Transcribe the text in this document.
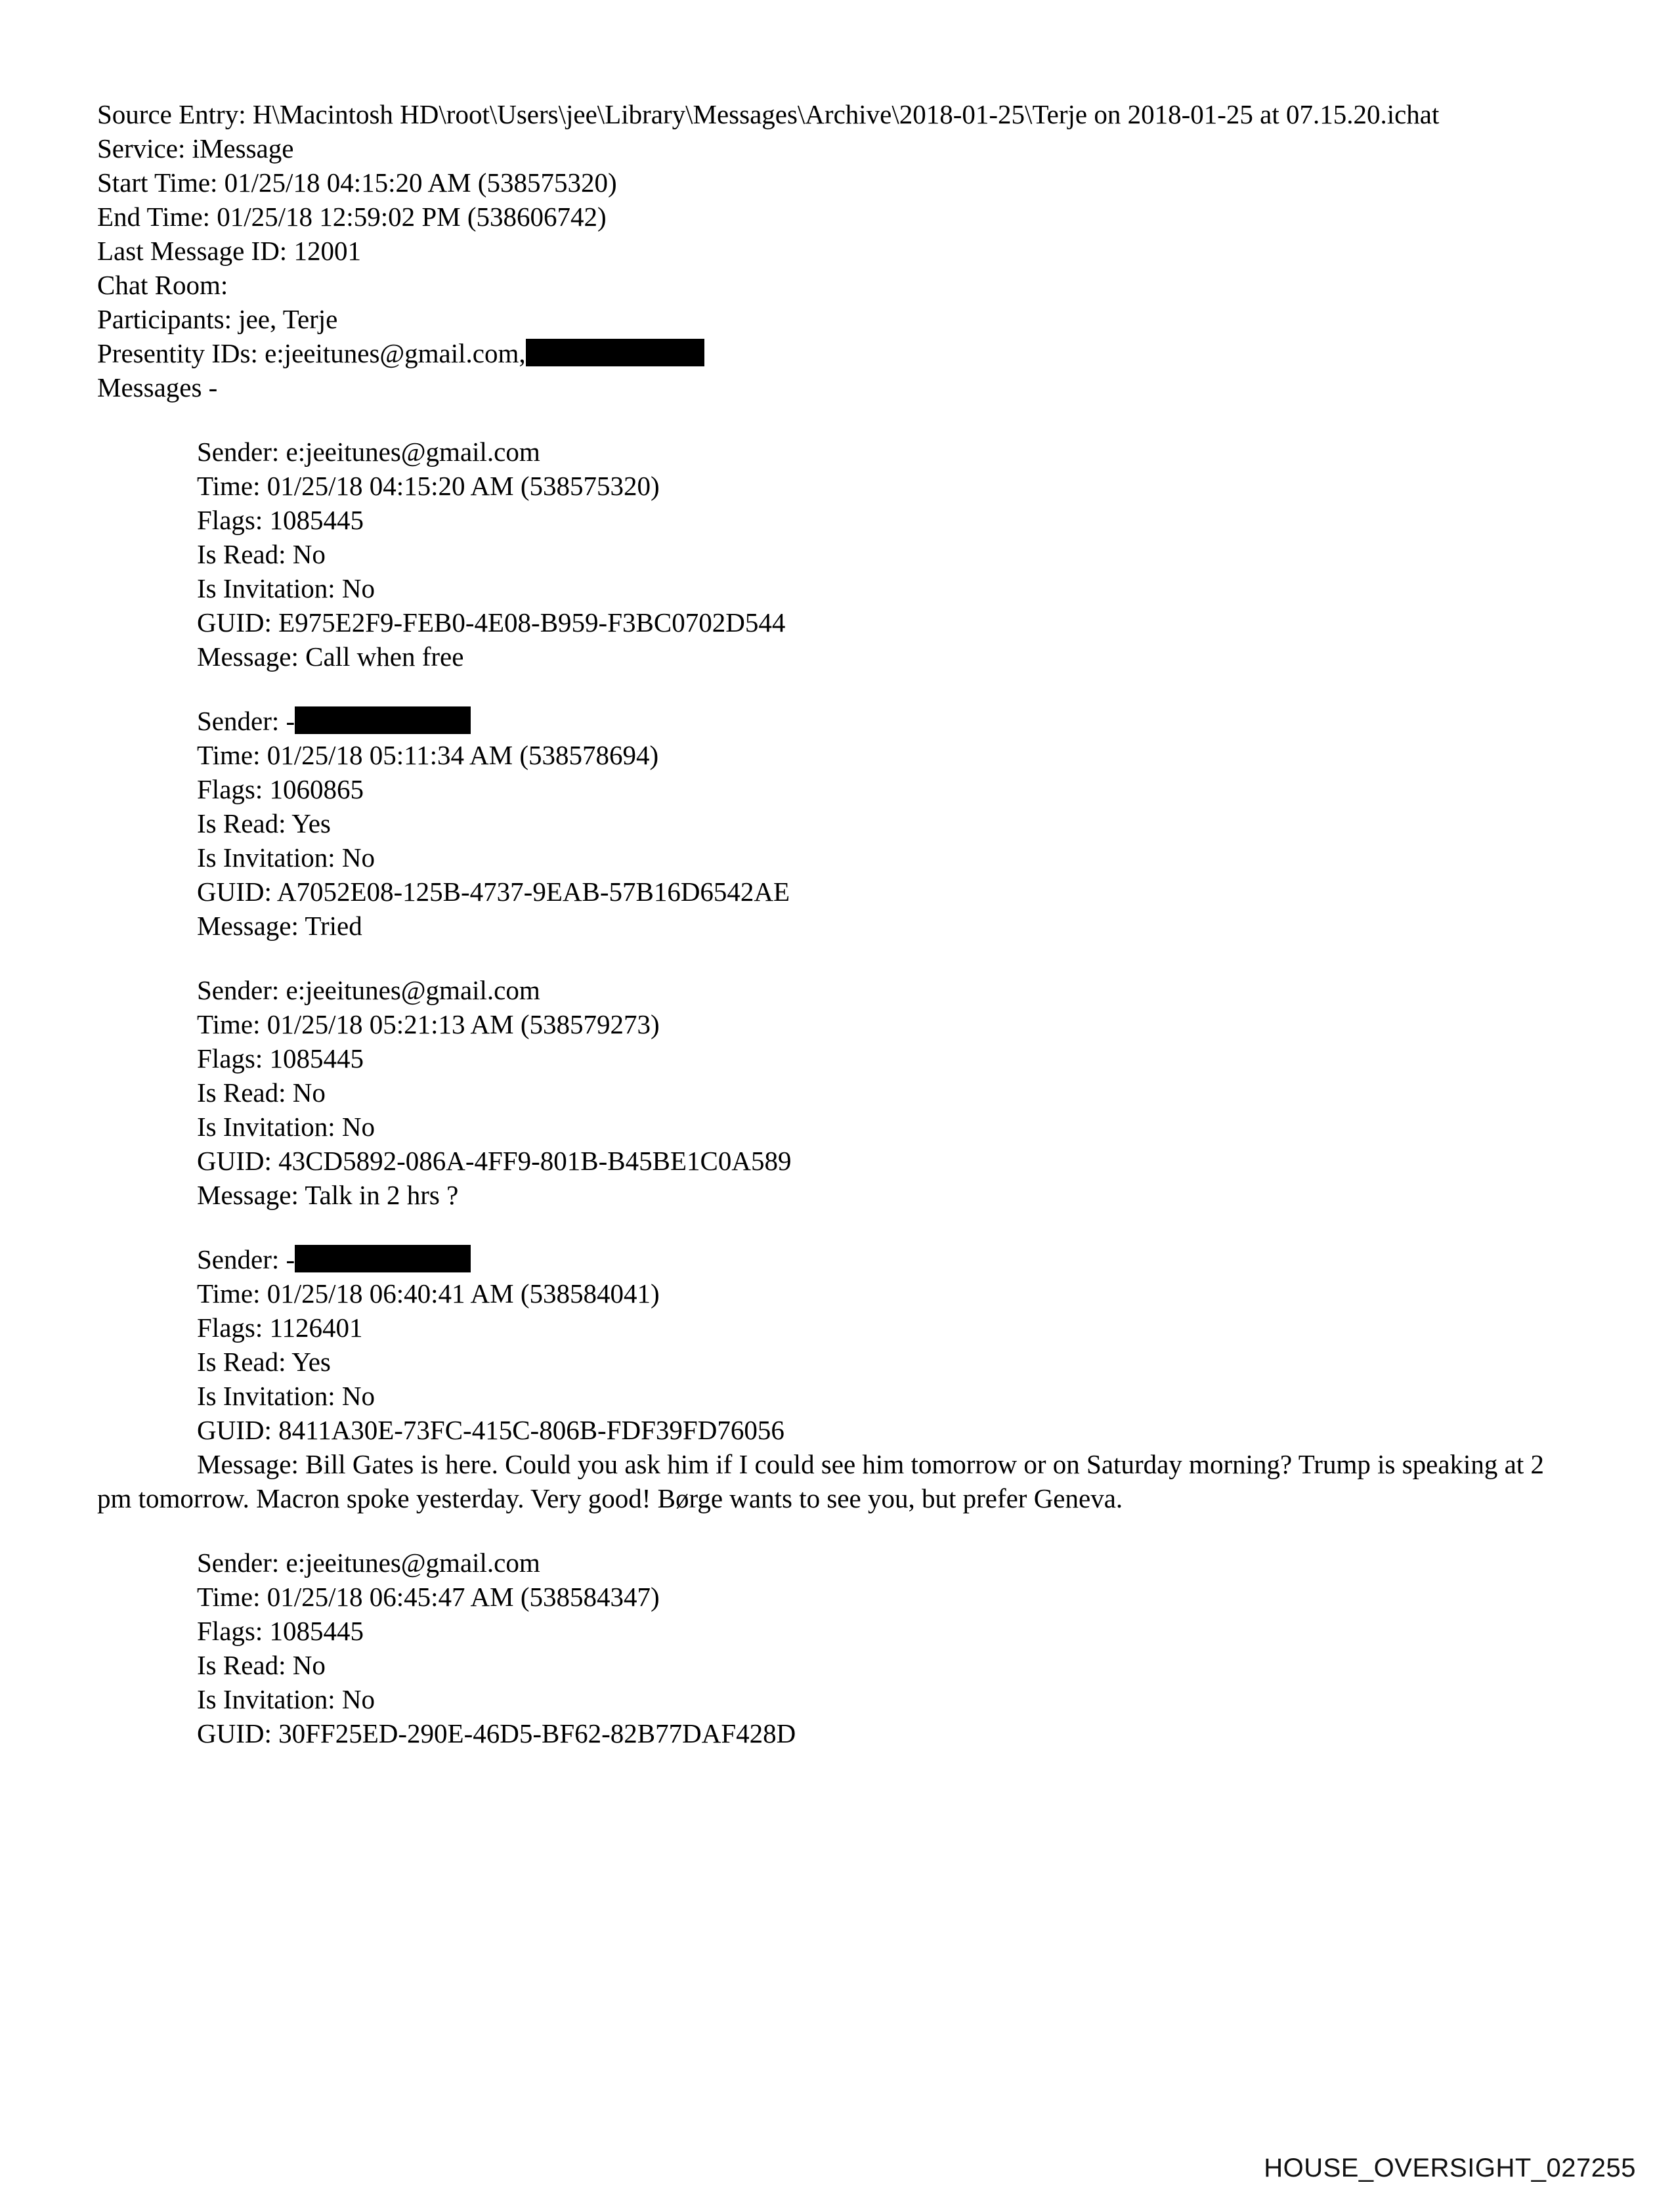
Source Entry: H\Macintosh HD\root\Users\jee\Library\Messages\Archive\2018-01-25\Terje on 2018-01-25 at 07.15.20.ichat
Service: iMessage
Start Time: 01/25/18 04:15:20 AM (538575320)
End Time: 01/25/18 12:59:02 PM (538606742)
Last Message ID: 12001
Chat Room:
Participants: jee, Terje
Presentity IDs: e:jeeitunes@gmail.com,
Messages -
Sender: e:jeeitunes@gmail.com
Time: 01/25/18 04:15:20 AM (538575320)
Flags: 1085445
Is Read: No
Is Invitation: No
GUID: E975E2F9-FEB0-4E08-B959-F3BC0702D544
Message: Call when free
Sender: -
Time: 01/25/18 05:11:34 AM (538578694)
Flags: 1060865
Is Read: Yes
Is Invitation: No
GUID: A7052E08-125B-4737-9EAB-57B16D6542AE
Message: Tried
Sender: e:jeeitunes@gmail.com
Time: 01/25/18 05:21:13 AM (538579273)
Flags: 1085445
Is Read: No
Is Invitation: No
GUID: 43CD5892-086A-4FF9-801B-B45BE1C0A589
Message: Talk in 2 hrs ?
Sender: -
Time: 01/25/18 06:40:41 AM (538584041)
Flags: 1126401
Is Read: Yes
Is Invitation: No
GUID: 8411A30E-73FC-415C-806B-FDF39FD76056
Message: Bill Gates is here. Could you ask him if I could see him tomorrow or on Saturday morning? Trump is speaking at 2 pm tomorrow. Macron spoke yesterday. Very good! Børge wants to see you, but prefer Geneva.
Sender: e:jeeitunes@gmail.com
Time: 01/25/18 06:45:47 AM (538584347)
Flags: 1085445
Is Read: No
Is Invitation: No
GUID: 30FF25ED-290E-46D5-BF62-82B77DAF428D
HOUSE_OVERSIGHT_027255
